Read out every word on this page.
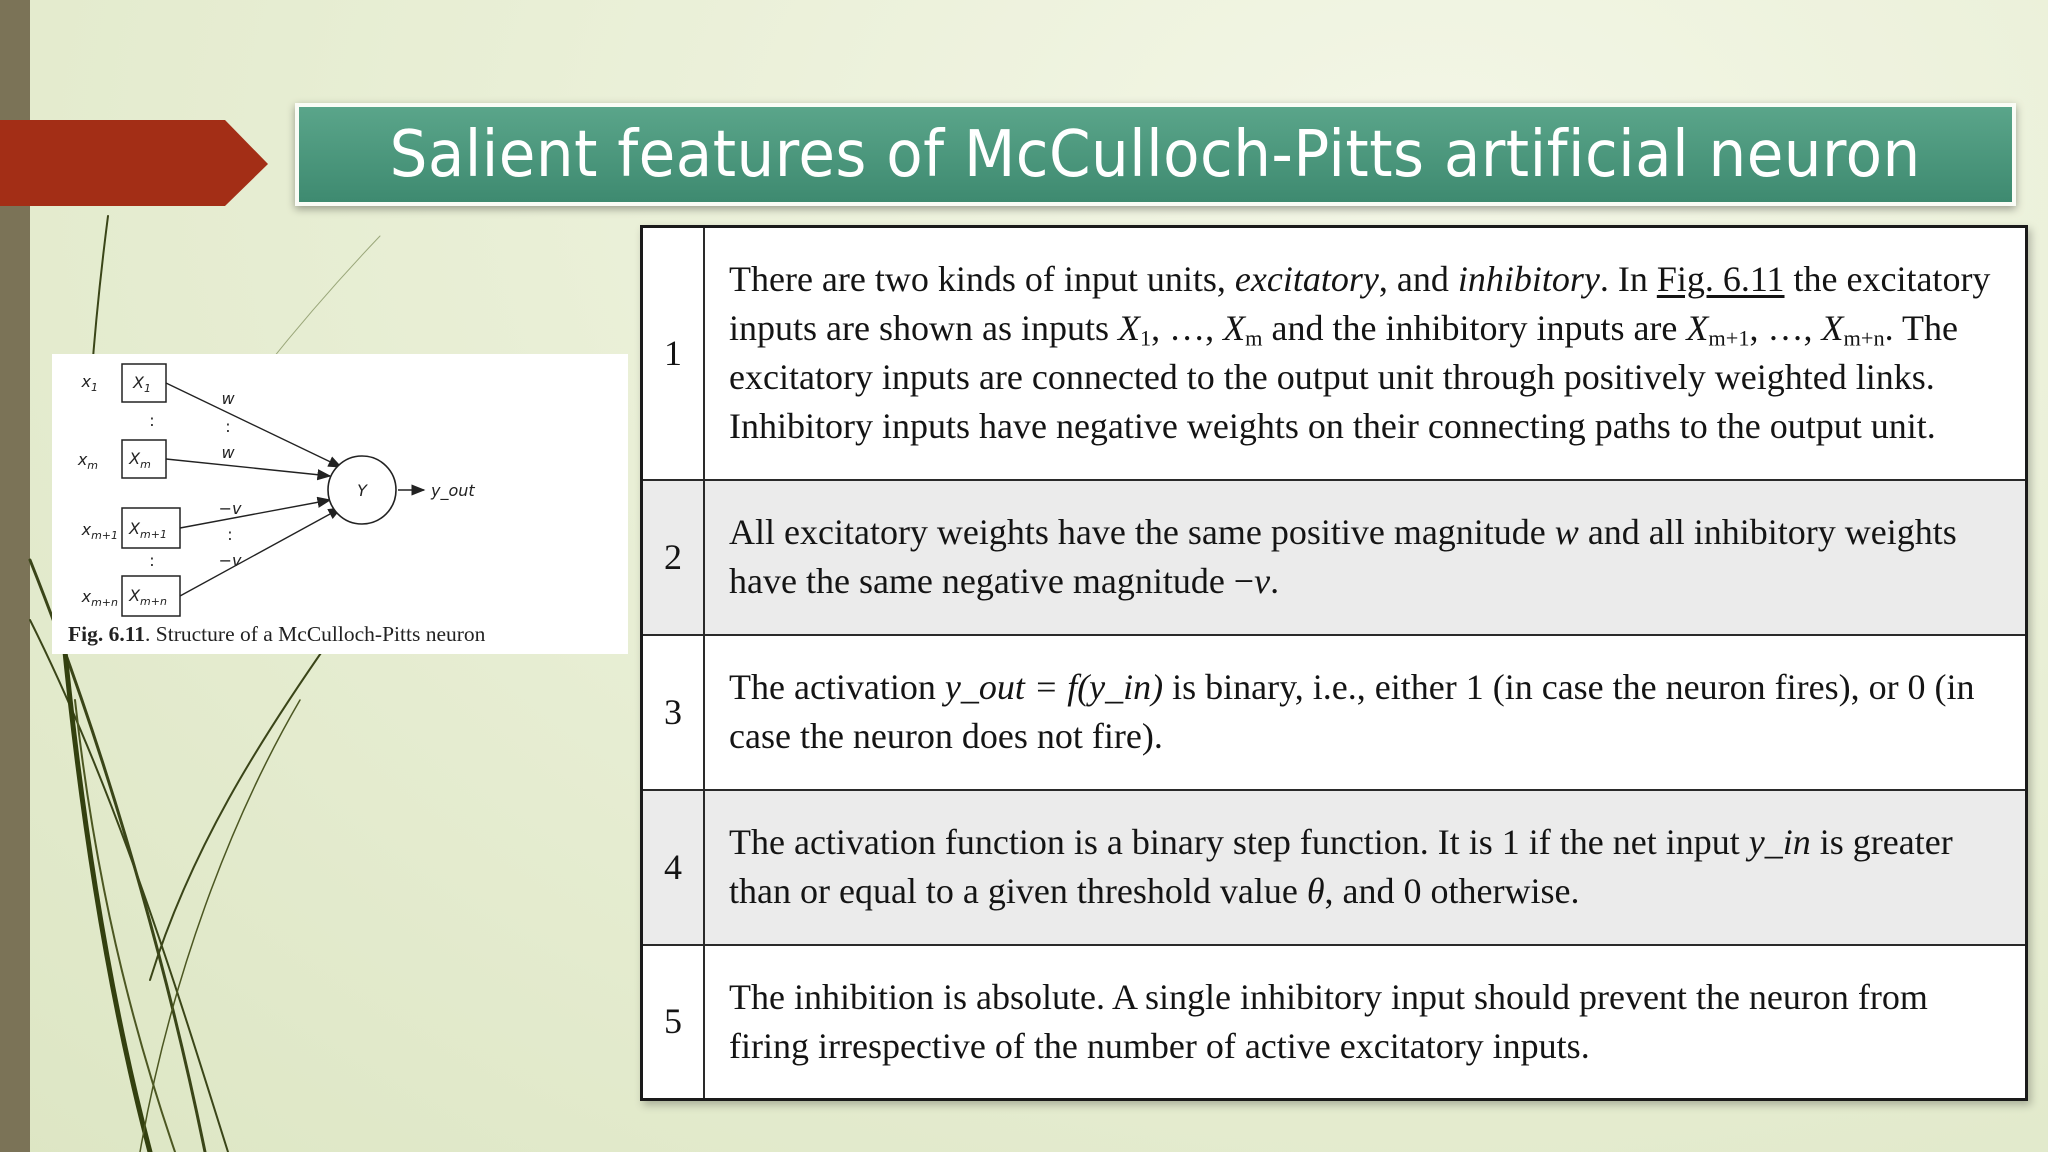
Salient features of McCulloch-Pitts artificial neuron
$x_1$
$x_m$
$x_{m+1}$
$x_{m+n}$
$X_1$
$X_m$
$X_{m+1}$
$X_{m+n}$
:
:
:
:
w
w
−v
−v
Y	y_out
Fig. 6.11. Structure of a McCulloch-Pitts neuron
1	There are two kinds of input units, excitatory, and inhibitory. In Fig. 6.11 the excitatory inputs are shown as inputs $X_1$, …, $X_m$ and the inhibitory inputs are $X_{m+1}$, …, $X_{m+n}$. The excitatory inputs are connected to the output unit through positively weighted links. Inhibitory inputs have negative weights on their connecting paths to the output unit.
2	All excitatory weights have the same positive magnitude w and all inhibitory weights have the same negative magnitude −v.
3	The activation y_out = f(y_in) is binary, i.e., either 1 (in case the neuron fires), or 0 (in case the neuron does not fire).
4	The activation function is a binary step function. It is 1 if the net input y_in is greater than or equal to a given threshold value θ, and 0 otherwise.
5	The inhibition is absolute. A single inhibitory input should prevent the neuron from firing irrespective of the number of active excitatory inputs.
